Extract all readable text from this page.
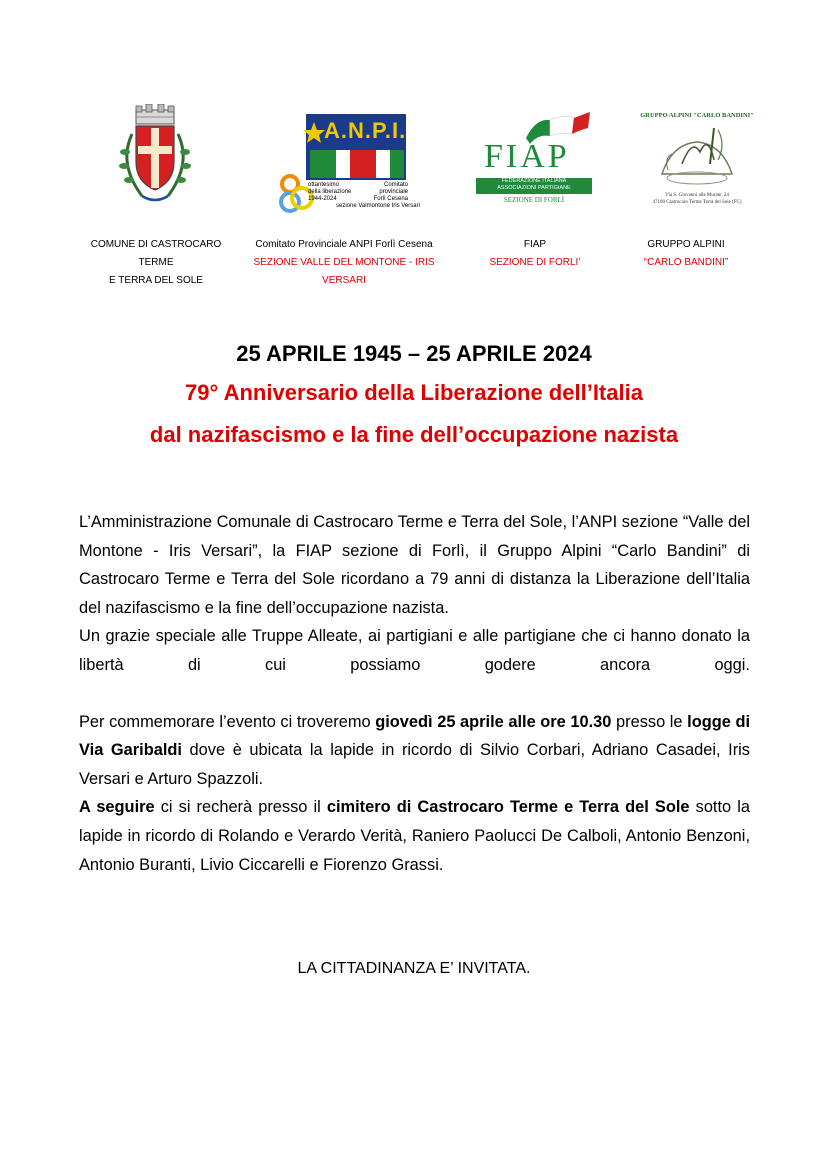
A.N.P.I.
ottantesimo
della liberazione
1944-2024
Comitato provinciale
Forlì Cesena
sezione Valmontone Iris Versari
FIAP
FEDERAZIONE ITALIANA
ASSOCIAZIONI PARTIGIANE
SEZIONE DI FORLÌ
GRUPPO ALPINI "CARLO BANDINI"
Via S. Giovanni alle Murate, 24
47100 Castrocaro Terme Terra del Sole (FC)
COMUNE DI CASTROCARO TERME
E TERRA DEL SOLE
Comitato Provinciale ANPI Forlì Cesena
SEZIONE VALLE DEL MONTONE - IRIS VERSARI
FIAP
SEZIONE DI FORLI’
GRUPPO ALPINI
“CARLO BANDINI”
25 APRILE 1945 – 25 APRILE 2024
79° Anniversario della Liberazione dell’Italia
dal nazifascismo e la fine dell’occupazione nazista

L’Amministrazione Comunale di Castrocaro Terme e Terra del Sole, l’ANPI sezione “Valle del Montone - Iris Versari”, la FIAP sezione di Forlì, il Gruppo Alpini “Carlo Bandini” di Castrocaro Terme e Terra del Sole ricordano a 79 anni di distanza la Liberazione dell’Italia del nazifascismo e la fine dell’occupazione nazista.

Un grazie speciale alle Truppe Alleate, ai partigiani e alle partigiane che ci hanno donato la libertà di cui possiamo godere ancora oggi.

Per commemorare l’evento ci troveremo giovedì 25 aprile alle ore 10.30 presso le logge di Via Garibaldi dove è ubicata la lapide in ricordo di Silvio Corbari, Adriano Casadei, Iris Versari e Arturo Spazzoli.

A seguire ci si recherà presso il cimitero di Castrocaro Terme e Terra del Sole sotto la lapide in ricordo di Rolando e Verardo Verità, Raniero Paolucci De Calboli, Antonio Benzoni, Antonio Buranti, Livio Ciccarelli e Fiorenzo Grassi.

LA CITTADINANZA E’ INVITATA.
